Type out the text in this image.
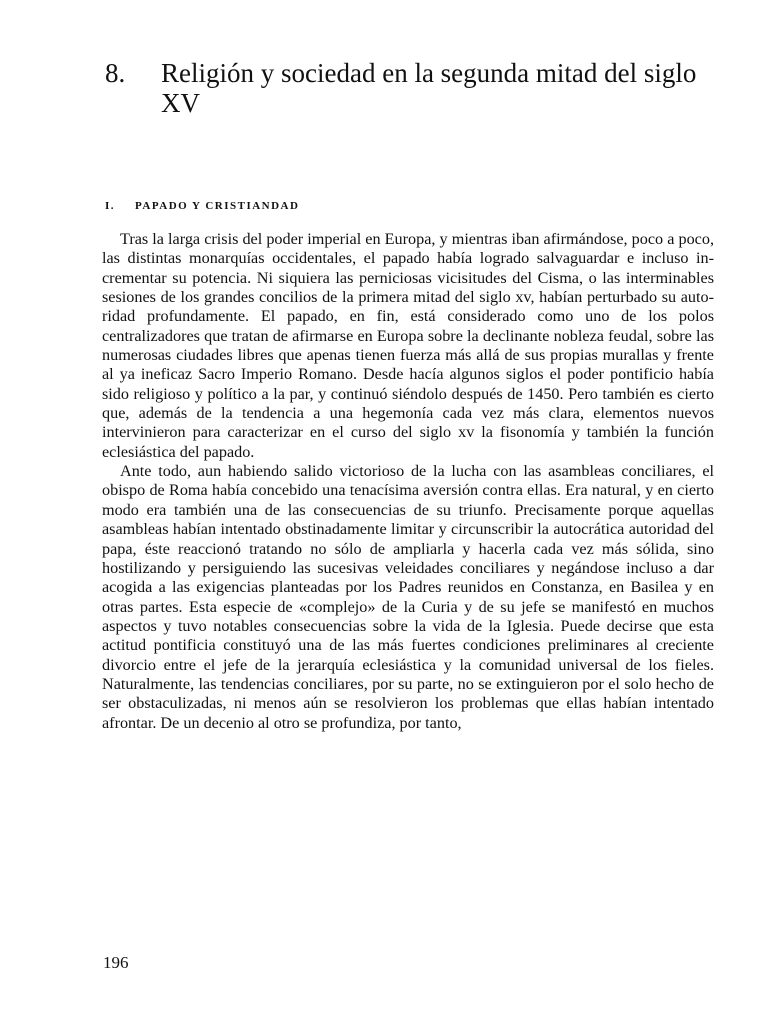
8.	Religión y sociedad en la segunda mitad del siglo XV
I.	PAPADO Y CRISTIANDAD

Tras la larga crisis del poder imperial en Europa, y mientras iban afirmándose, poco a poco, las distintas monarquías occidentales, el papado había logrado salvaguardar e incluso incrementar su potencia. Ni siquiera las perniciosas vicisitudes del Cisma, o las interminables sesiones de los grandes concilios de la primera mitad del siglo xv, habían perturbado su autoridad profundamente. El papado, en fin, está considerado como uno de los polos centralizadores que tratan de afirmarse en Europa sobre la declinante nobleza feudal, sobre las numerosas ciudades libres que apenas tienen fuerza más allá de sus propias murallas y frente al ya ineficaz Sacro Imperio Romano. Desde hacía algunos siglos el poder pontificio había sido religioso y político a la par, y continuó siéndolo después de 1450. Pero también es cierto que, además de la tendencia a una hegemonía cada vez más clara, elementos nuevos intervinieron para caracterizar en el curso del siglo xv la fisonomía y también la función eclesiástica del papado.

Ante todo, aun habiendo salido victorioso de la lucha con las asambleas conciliares, el obispo de Roma había concebido una tenacísima aversión contra ellas. Era natural, y en cierto modo era también una de las consecuencias de su triunfo. Precisamente porque aquellas asambleas habían intentado obstinadamente limitar y circunscribir la autocrática autoridad del papa, éste reaccionó tratando no sólo de ampliarla y hacerla cada vez más sólida, sino hostilizando y persiguiendo las sucesivas veleidades conciliares y negándose incluso a dar acogida a las exigencias planteadas por los Padres reunidos en Constanza, en Basilea y en otras partes. Esta especie de «complejo» de la Curia y de su jefe se manifestó en muchos aspectos y tuvo notables consecuencias sobre la vida de la Iglesia. Puede decirse que esta actitud pontificia constituyó una de las más fuertes condiciones preliminares al creciente divorcio entre el jefe de la jerarquía eclesiástica y la comunidad universal de los fieles. Naturalmente, las tendencias conciliares, por su parte, no se extinguieron por el solo hecho de ser obstaculizadas, ni menos aún se resolvieron los problemas que ellas habían intentado afrontar. De un decenio al otro se profundiza, por tanto,

196
